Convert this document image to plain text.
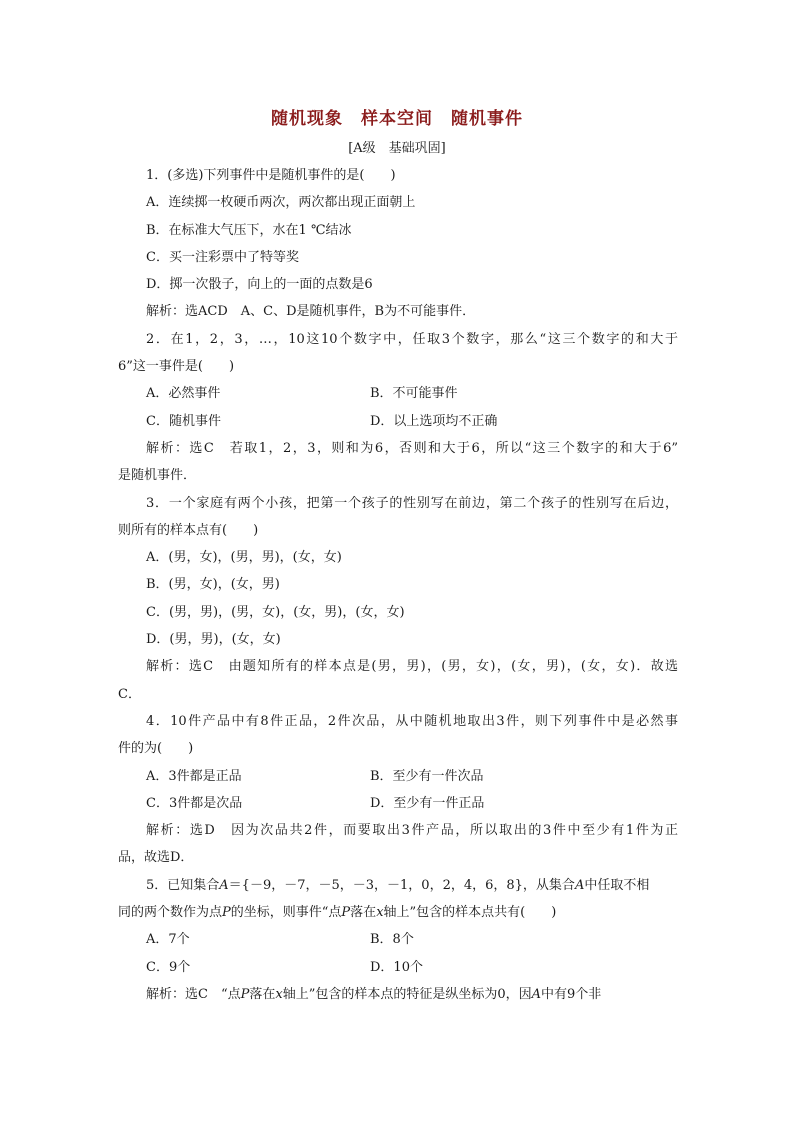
随机现象　样本空间　随机事件
[A级　基础巩固]
1．(多选)下列事件中是随机事件的是(　　)
A．连续掷一枚硬币两次，两次都出现正面朝上
B．在标准大气压下，水在1 ℃结冰
C．买一注彩票中了特等奖
D．掷一次骰子，向上的一面的点数是6
解析：选ACD　A、C、D是随机事件，B为不可能事件．
2．在1，2，3，…，10这10个数字中，任取3个数字，那么“这三个数字的和大于
6”这一事件是(　　)
A．必然事件	B．不可能事件
C．随机事件	D．以上选项均不正确
解析：选C　若取1，2，3，则和为6，否则和大于6，所以“这三个数字的和大于6”
是随机事件．
3．一个家庭有两个小孩，把第一个孩子的性别写在前边，第二个孩子的性别写在后边，
则所有的样本点有(　　)
A．(男，女)，(男，男)，(女，女)
B．(男，女)，(女，男)
C．(男，男)，(男，女)，(女，男)，(女，女)
D．(男，男)，(女，女)
解析：选C　由题知所有的样本点是(男，男)，(男，女)，(女，男)，(女，女)．故选
C．
4．10件产品中有8件正品，2件次品，从中随机地取出3件，则下列事件中是必然事
件的为(　　)
A．3件都是正品	B．至少有一件次品
C．3件都是次品	D．至少有一件正品
解析：选D　因为次品共2件，而要取出3件产品，所以取出的3件中至少有1件为正
品，故选D．
5．已知集合A＝{－9，－7，－5，－3，－1，0，2，4，6，8}，从集合A中任取不相
同的两个数作为点P的坐标，则事件“点P落在x轴上”包含的样本点共有(　　)
A．7个	B．8个
C．9个	D．10个
解析：选C　“点P落在x轴上”包含的样本点的特征是纵坐标为0，因A中有9个非
